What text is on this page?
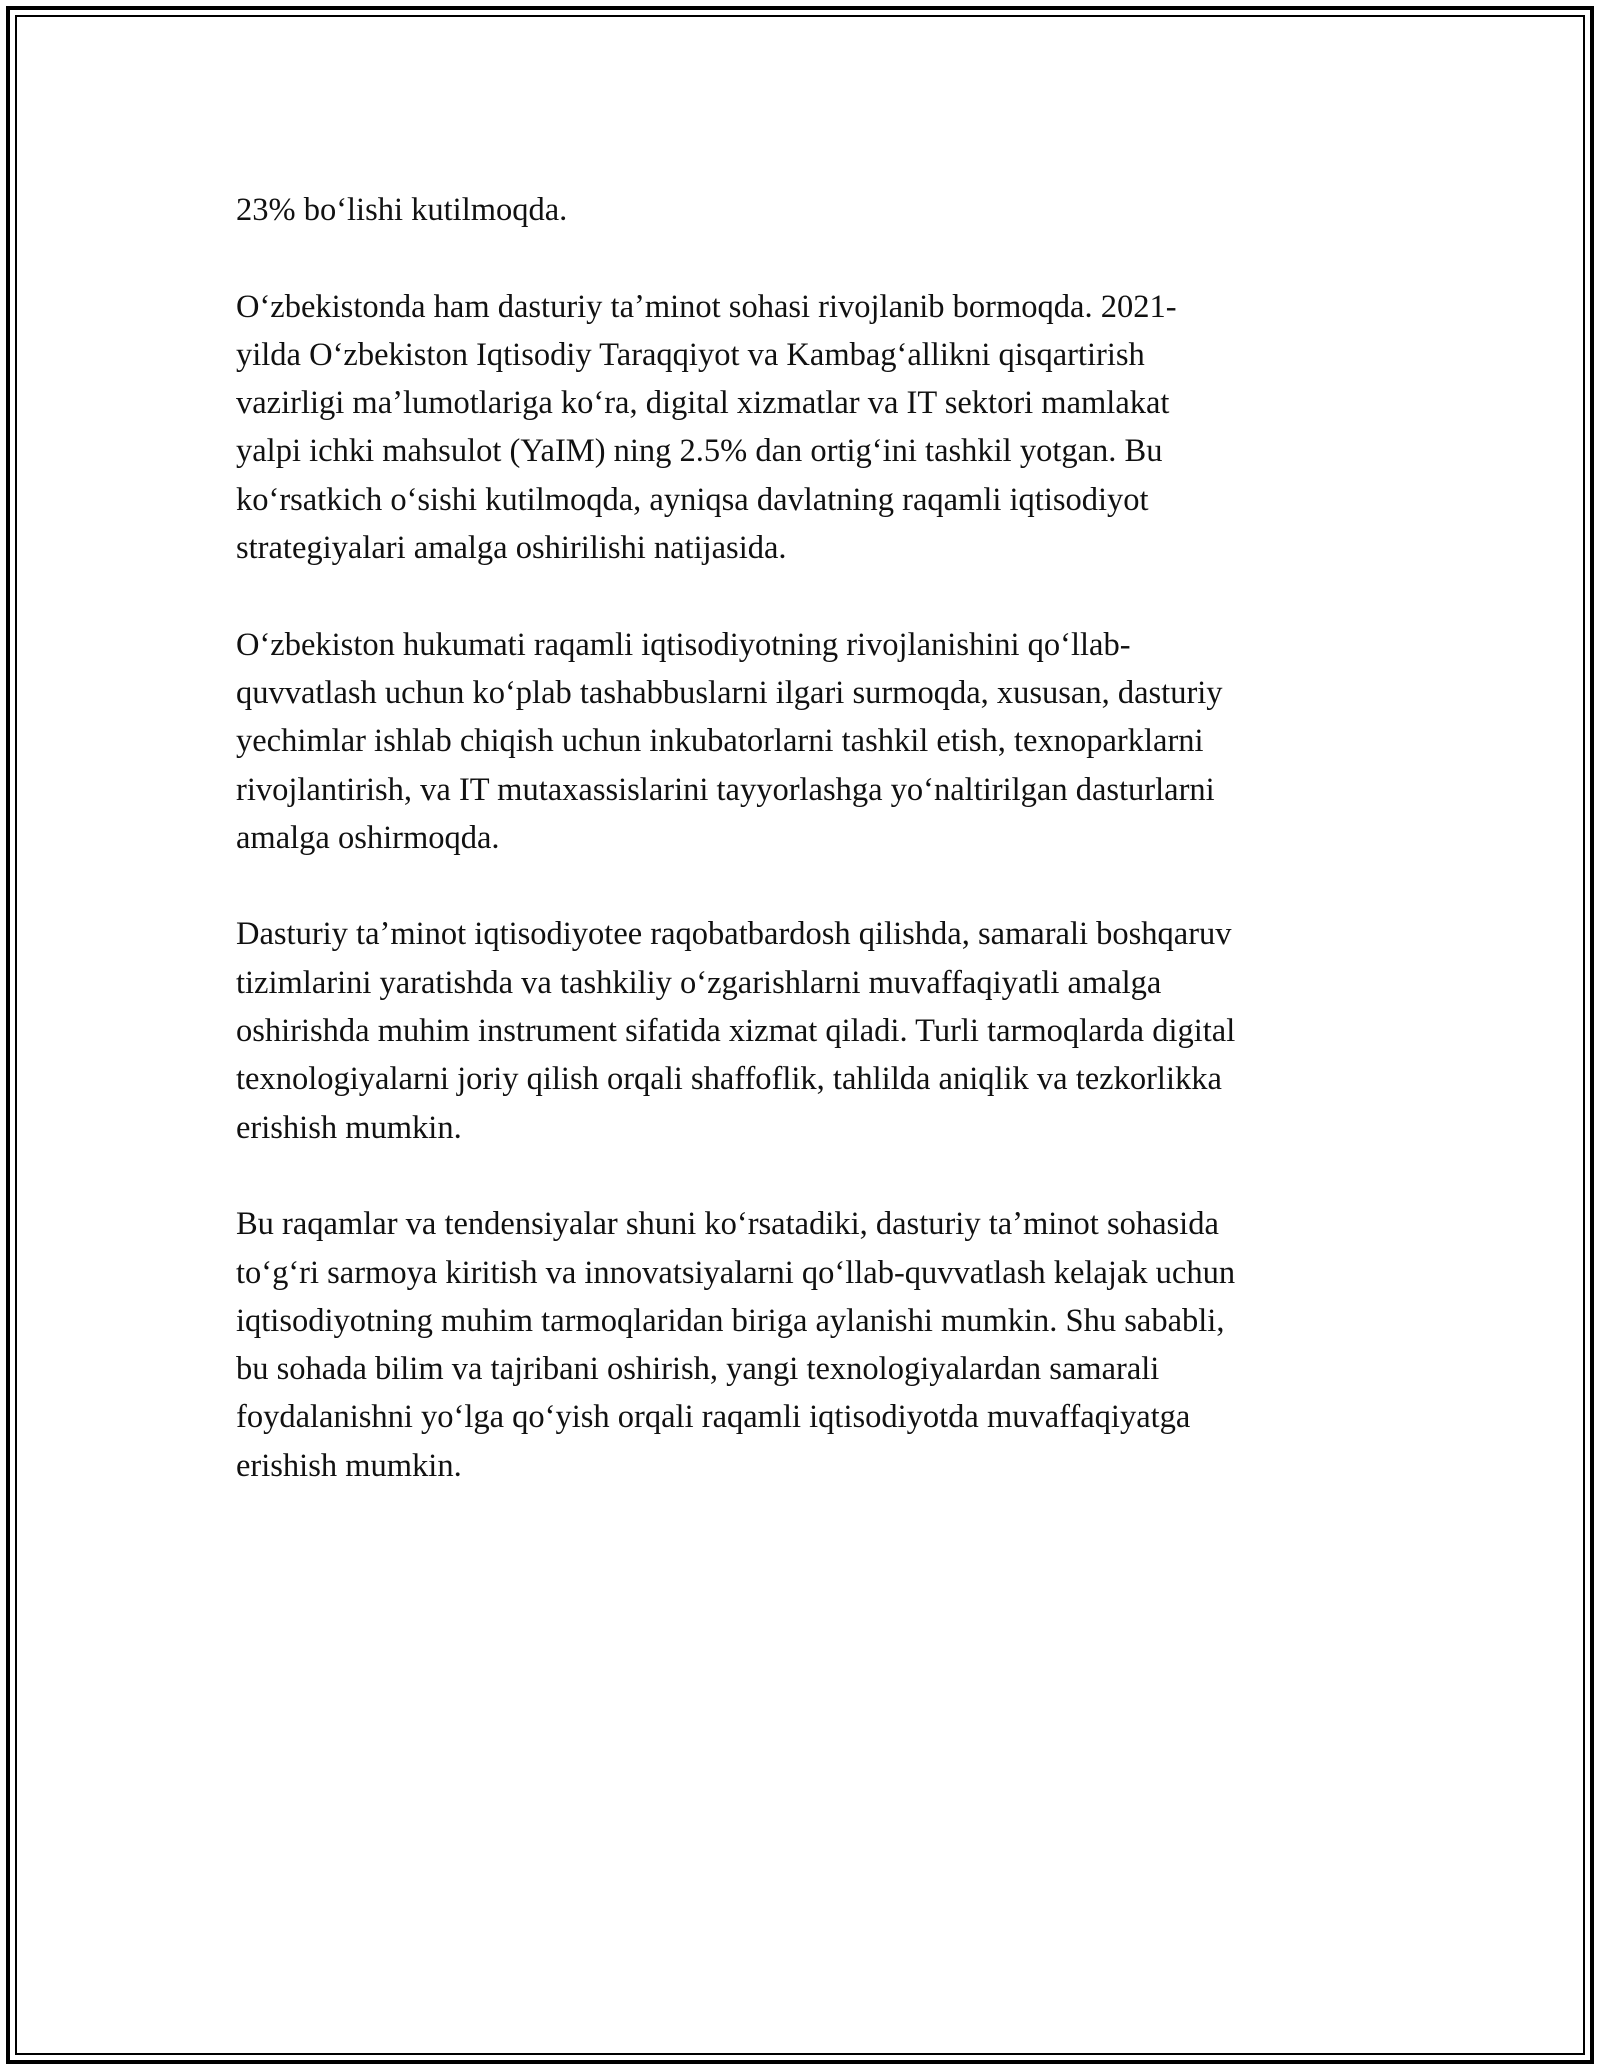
23% boʻlishi kutilmoqda.

Oʻzbekistonda ham dasturiy taʼminot sohasi rivojlanib bormoqda. 2021-
yilda Oʻzbekiston Iqtisodiy Taraqqiyot va Kambagʻallikni qisqartirish
vazirligi maʼlumotlariga koʻra, digital xizmatlar va IT sektori mamlakat
yalpi ichki mahsulot (YaIM) ning 2.5% dan ortigʻini tashkil yotgan. Bu
koʻrsatkich oʻsishi kutilmoqda, ayniqsa davlatning raqamli iqtisodiyot
strategiyalari amalga oshirilishi natijasida.

Oʻzbekiston hukumati raqamli iqtisodiyotning rivojlanishini qoʻllab-
quvvatlash uchun koʻplab tashabbuslarni ilgari surmoqda, xususan, dasturiy
yechimlar ishlab chiqish uchun inkubatorlarni tashkil etish, texnoparklarni
rivojlantirish, va IT mutaxassislarini tayyorlashga yoʻnaltirilgan dasturlarni
amalga oshirmoqda.

Dasturiy taʼminot iqtisodiyotee raqobatbardosh qilishda, samarali boshqaruv
tizimlarini yaratishda va tashkiliy oʻzgarishlarni muvaffaqiyatli amalga
oshirishda muhim instrument sifatida xizmat qiladi. Turli tarmoqlarda digital
texnologiyalarni joriy qilish orqali shaffoflik, tahlilda aniqlik va tezkorlikka
erishish mumkin.

Bu raqamlar va tendensiyalar shuni koʻrsatadiki, dasturiy taʼminot sohasida
toʻgʻri sarmoya kiritish va innovatsiyalarni qoʻllab-quvvatlash kelajak uchun
iqtisodiyotning muhim tarmoqlaridan biriga aylanishi mumkin. Shu sababli,
bu sohada bilim va tajribani oshirish, yangi texnologiyalardan samarali
foydalanishni yoʻlga qoʻyish orqali raqamli iqtisodiyotda muvaffaqiyatga
erishish mumkin.
